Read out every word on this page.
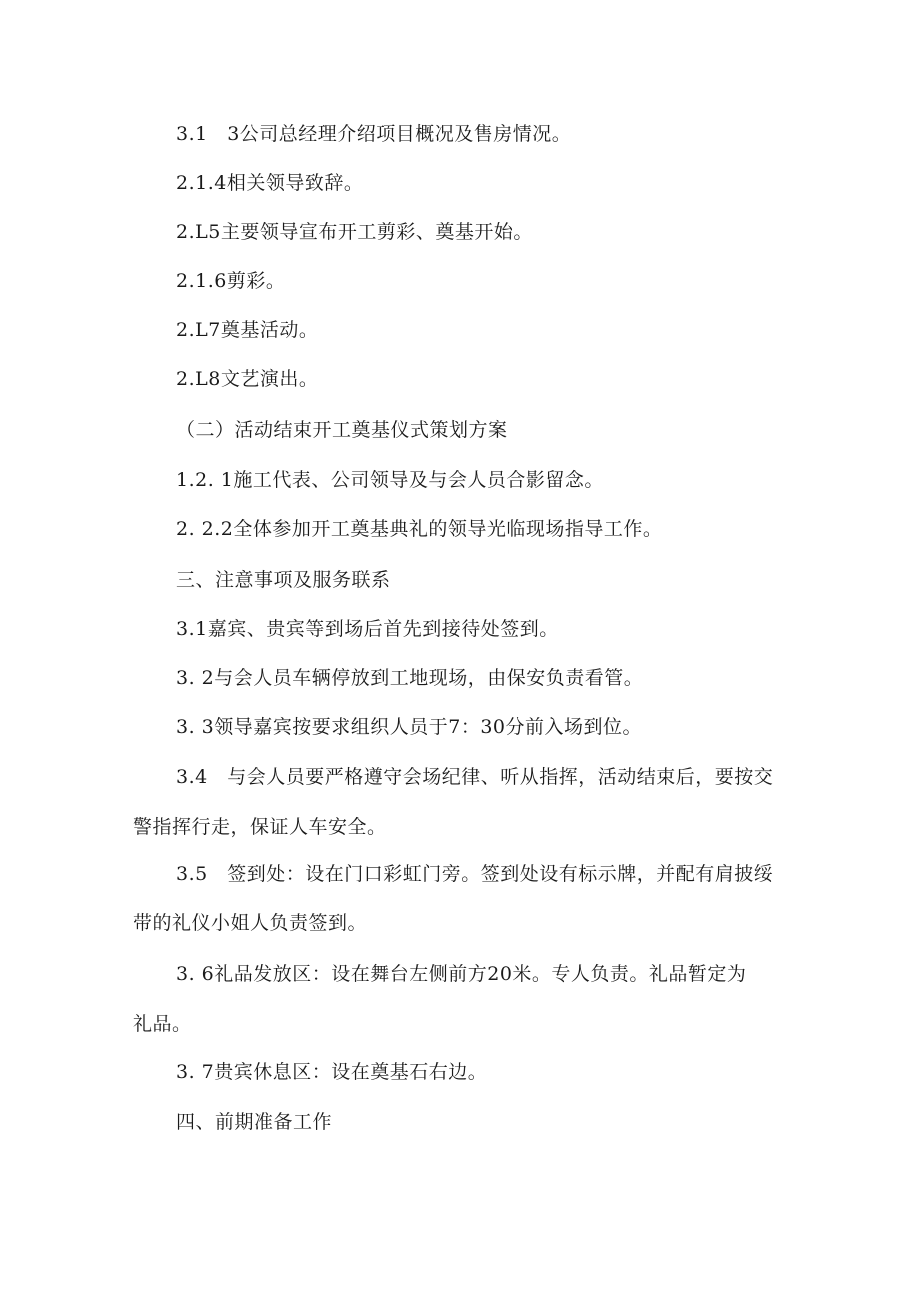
3.1　3公司总经理介绍项目概况及售房情况。
2.1.4相关领导致辞。
2.L5主要领导宣布开工剪彩、奠基开始。
2.1.6剪彩。
2.L7奠基活动。
2.L8文艺演出。
（二）活动结束开工奠基仪式策划方案
1.2. 1施工代表、公司领导及与会人员合影留念。
2. 2.2全体参加开工奠基典礼的领导光临现场指导工作。
三、注意事项及服务联系
3.1嘉宾、贵宾等到场后首先到接待处签到。
3. 2与会人员车辆停放到工地现场，由保安负责看管。
3. 3领导嘉宾按要求组织人员于7：30分前入场到位。
3.4　与会人员要严格遵守会场纪律、听从指挥，活动结束后，要按交
警指挥行走，保证人车安全。
3.5　签到处：设在门口彩虹门旁。签到处设有标示牌，并配有肩披绥
带的礼仪小姐人负责签到。
3. 6礼品发放区：设在舞台左侧前方20米。专人负责。礼品暂定为
礼品。
3. 7贵宾休息区：设在奠基石右边。
四、前期准备工作
